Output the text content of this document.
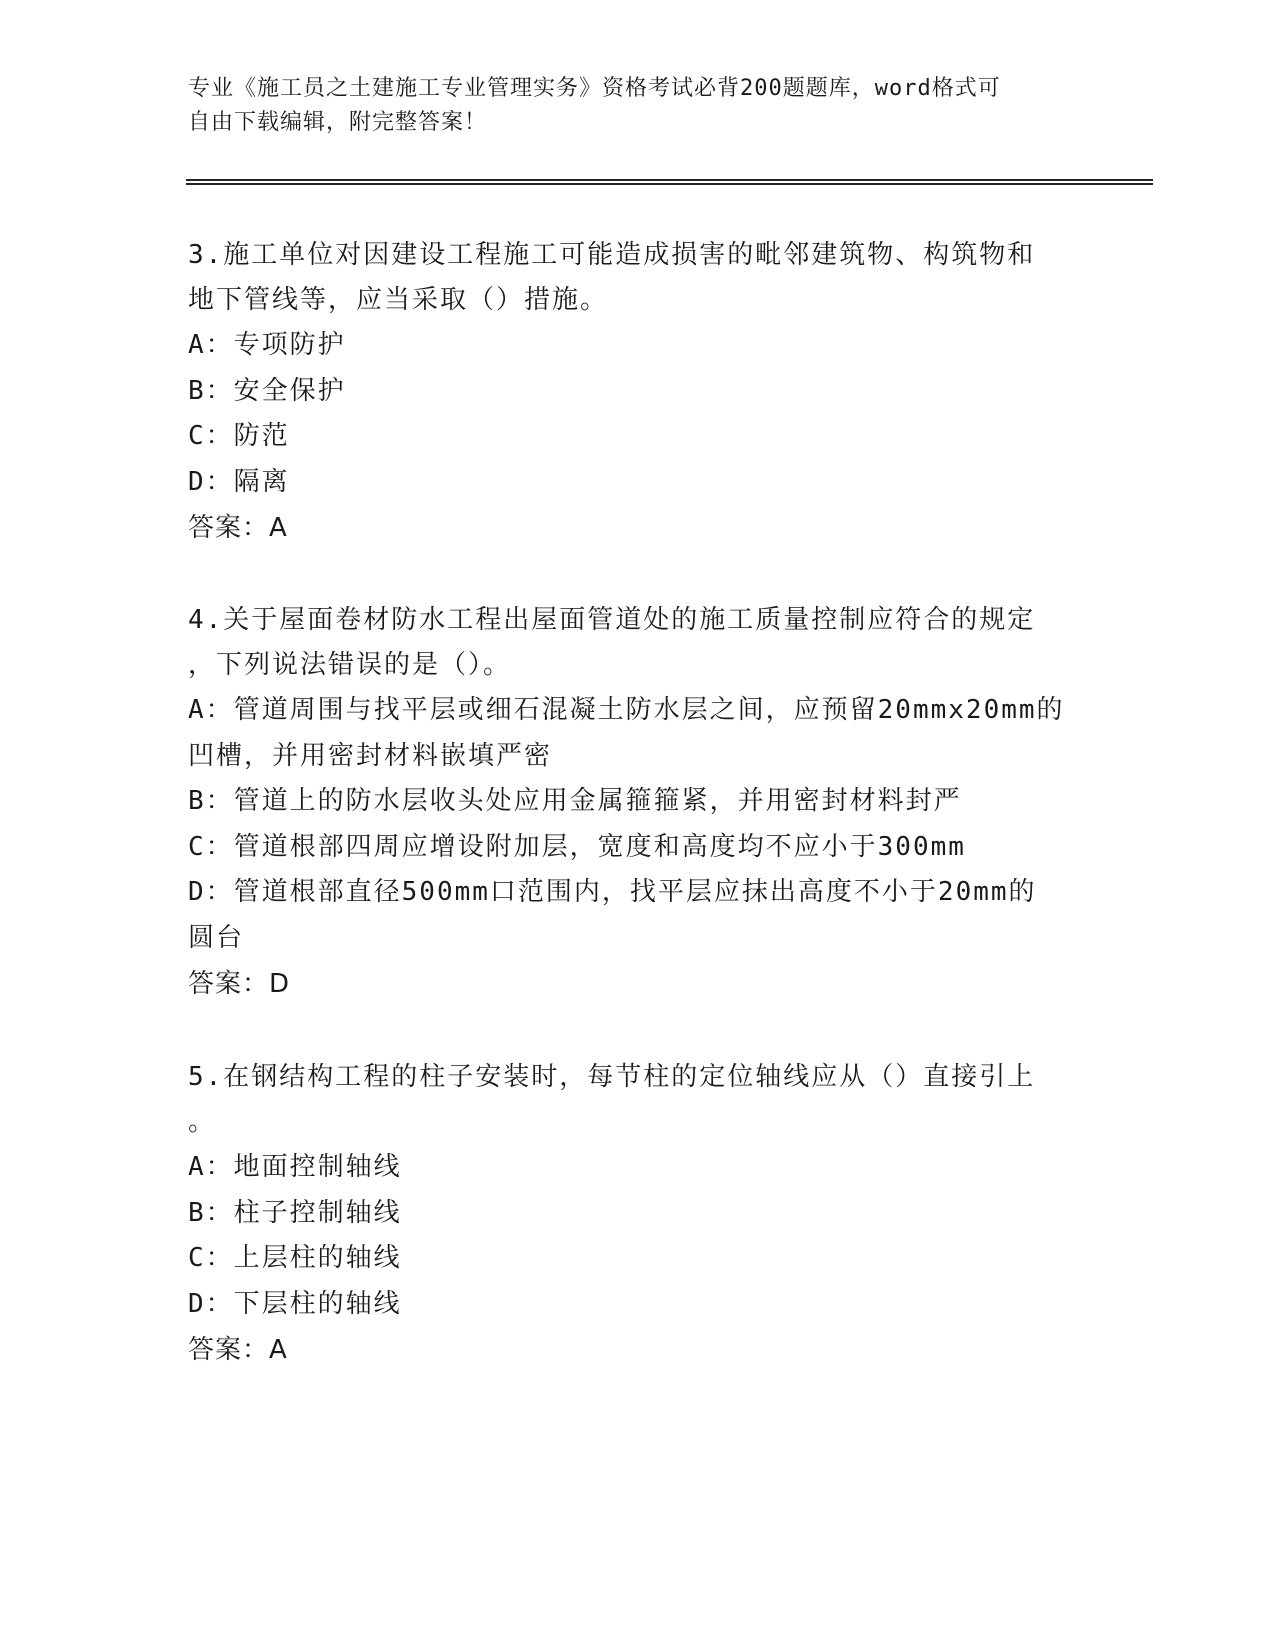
专业《施工员之土建施工专业管理实务》资格考试必背200题题库，word格式可
自由下载编辑，附完整答案！
3.施工单位对因建设工程施工可能造成损害的毗邻建筑物、构筑物和
地下管线等，应当采取（）措施。
A：专项防护
B：安全保护
C：防范
D：隔离
答案：A
4.关于屋面卷材防水工程出屋面管道处的施工质量控制应符合的规定
，下列说法错误的是（）。
A：管道周围与找平层或细石混凝土防水层之间，应预留20mmx20mm的
凹槽，并用密封材料嵌填严密
B：管道上的防水层收头处应用金属箍箍紧，并用密封材料封严
C：管道根部四周应增设附加层，宽度和高度均不应小于300mm
D：管道根部直径500mm口范围内，找平层应抹出高度不小于20mm的
圆台
答案：D
5.在钢结构工程的柱子安装时，每节柱的定位轴线应从（）直接引上
。
A：地面控制轴线
B：柱子控制轴线
C：上层柱的轴线
D：下层柱的轴线
答案：A
